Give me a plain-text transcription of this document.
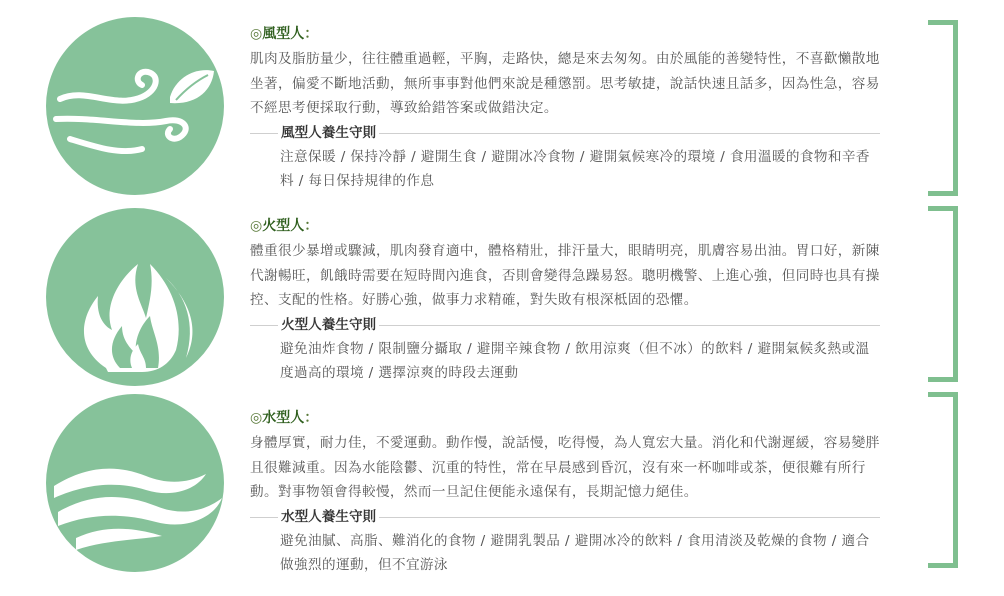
◎風型人：
肌肉及脂肪量少，往往體重過輕，平胸，走路快，總是來去匆匆。由於風能的善變特性，不喜歡懶散地坐著，偏愛不斷地活動，無所事事對他們來說是種懲罰。思考敏捷，說話快速且話多，因為性急，容易不經思考便採取行動，導致給錯答案或做錯決定。
風型人養生守則
注意保暖 / 保持冷靜 / 避開生食 / 避開冰冷食物 / 避開氣候寒冷的環境 / 食用溫暖的食物和辛香料 / 每日保持規律的作息
◎火型人：
體重很少暴增或驟減，肌肉發育適中，體格精壯，排汗量大，眼睛明亮，肌膚容易出油。胃口好，新陳代謝暢旺，飢餓時需要在短時間內進食，否則會變得急躁易怒。聰明機警、上進心強，但同時也具有操控、支配的性格。好勝心強，做事力求精確，對失敗有根深柢固的恐懼。
火型人養生守則
避免油炸食物 / 限制鹽分攝取 / 避開辛辣食物 / 飲用涼爽（但不冰）的飲料 / 避開氣候炙熱或溫度過高的環境 / 選擇涼爽的時段去運動
◎水型人：
身體厚實，耐力佳，不愛運動。動作慢，說話慢，吃得慢，為人寬宏大量。消化和代謝遲緩，容易變胖且很難減重。因為水能陰鬱、沉重的特性，常在早晨感到昏沉，沒有來一杯咖啡或茶，便很難有所行動。對事物領會得較慢，然而一旦記住便能永遠保有，長期記憶力絕佳。
水型人養生守則
避免油膩、高脂、難消化的食物 / 避開乳製品 / 避開冰冷的飲料 / 食用清淡及乾燥的食物 / 適合做強烈的運動，但不宜游泳
